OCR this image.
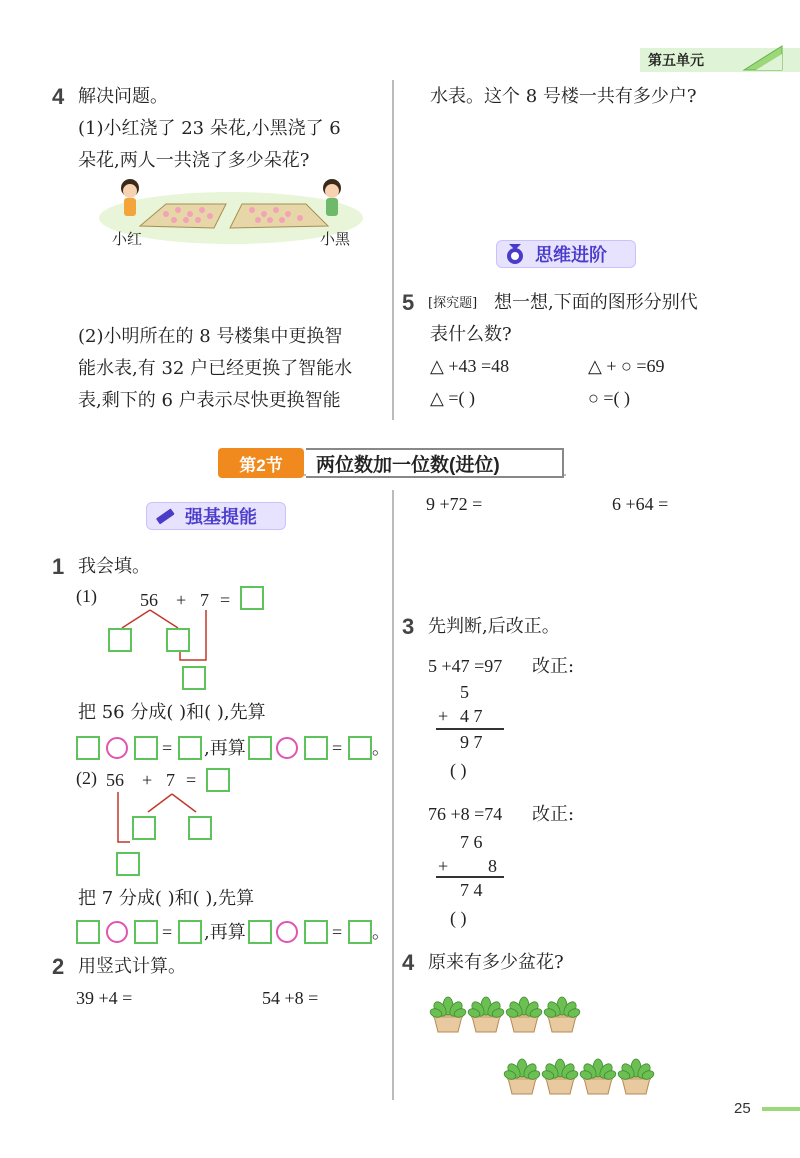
第五单元
4 解决问题。
(1)小红浇了 23 朵花,小黑浇了 6
朵花,两人一共浇了多少朵花?
小红	小黑
(2)小明所在的 8 号楼集中更换智
能水表,有 32 户已经更换了智能水
表,剩下的 6 户表示尽快更换智能
水表。这个 8 号楼一共有多少户?
思维进阶
5 [探究题] 想一想,下面的图形分别代
表什么数?
△ +43 =48	△ + ○ =69
△ =( )	○ =( )
第2节	两位数加一位数(进位)
强基提能
1 我会填。
(1) 56 + 7 =
把 56 分成( )和( ),先算
= ,再算	= 。
(2) 56 + 7 =
把 7 分成( )和( ),先算
= ,再算	= 。
2 用竖式计算。
39 +4 =	54 +8 =
9 +72 =	6 +64 =
3 先判断,后改正。
5 +47 =97 改正:
5
+ 4 7
9 7
( )
76 +8 =74 改正:
7 6
+ 8
7 4
( )
4 原来有多少盆花?
25
